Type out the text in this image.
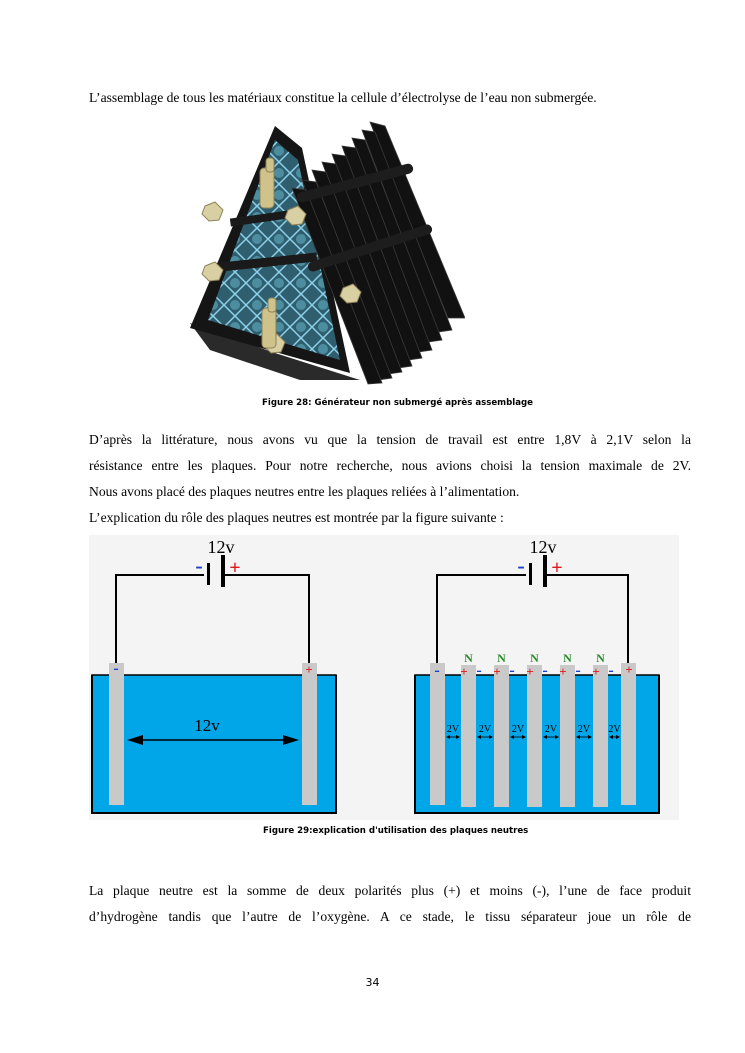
L’assemblage de tous les matériaux constitue la cellule d’électrolyse de l’eau non submergée.

Figure 28: Générateur non submergé après assemblage

D’après la littérature, nous avons vu que la tension de travail est entre 1,8V à 2,1V selon la

résistance entre les plaques. Pour notre recherche, nous avions choisi la tension maximale de 2V.

Nous avons placé des plaques neutres entre les plaques reliées à l’alimentation.

L’explication du rôle des plaques neutres est montrée par la figure suivante :

12v
- +
-	+
12v
12v
- +
-	+
+ -
N
+ -
N
+ -
N
+ -
N
+ -
N
2V 2V 2V 2V 2V 2V
Figure 29:explication d'utilisation des plaques neutres

La plaque neutre est la somme de deux polarités plus (+) et moins (-), l’une de face produit

d’hydrogène tandis que l’autre de l’oxygène. A ce stade, le tissu séparateur joue un rôle de

34
